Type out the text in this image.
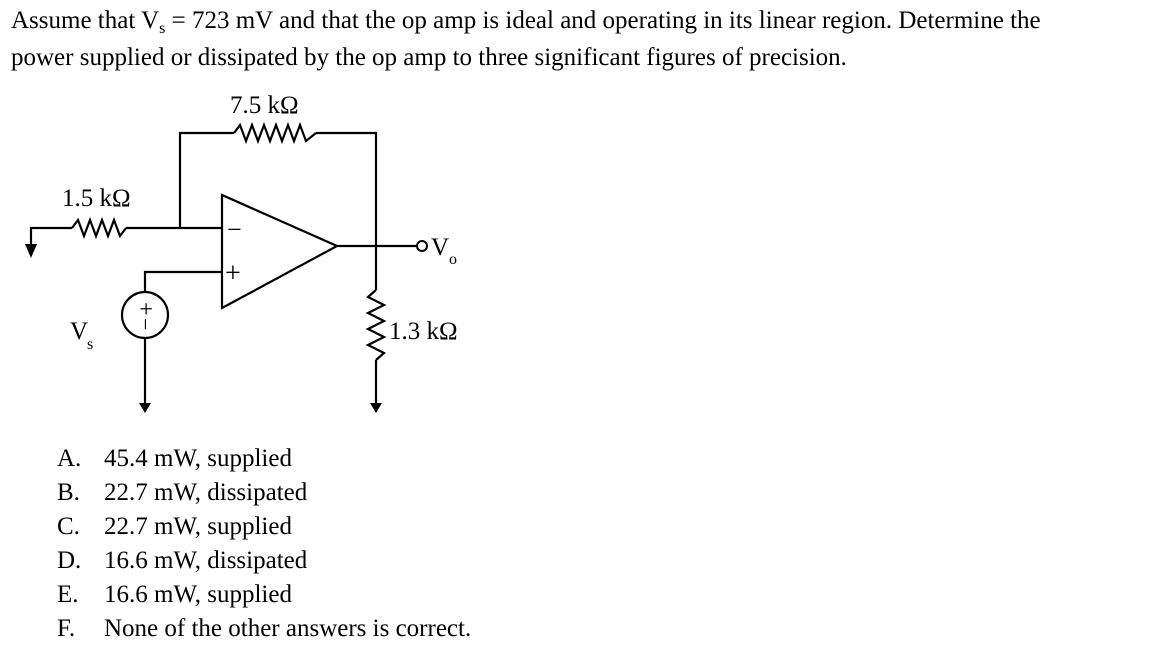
Assume that $V_s = 723$ mV and that the op amp is ideal and operating in its linear region. Determine the
power supplied or dissipated by the op amp to three significant figures of precision.
7.5 kΩ
1.5 kΩ
1.3 kΩ
V o
V
s
−
+
+
−
A. 45.4 mW, supplied
B. 22.7 mW, dissipated
C. 22.7 mW, supplied
D. 16.6 mW, dissipated
E.	16.6 mW, supplied
F.	None of the other answers is correct.
